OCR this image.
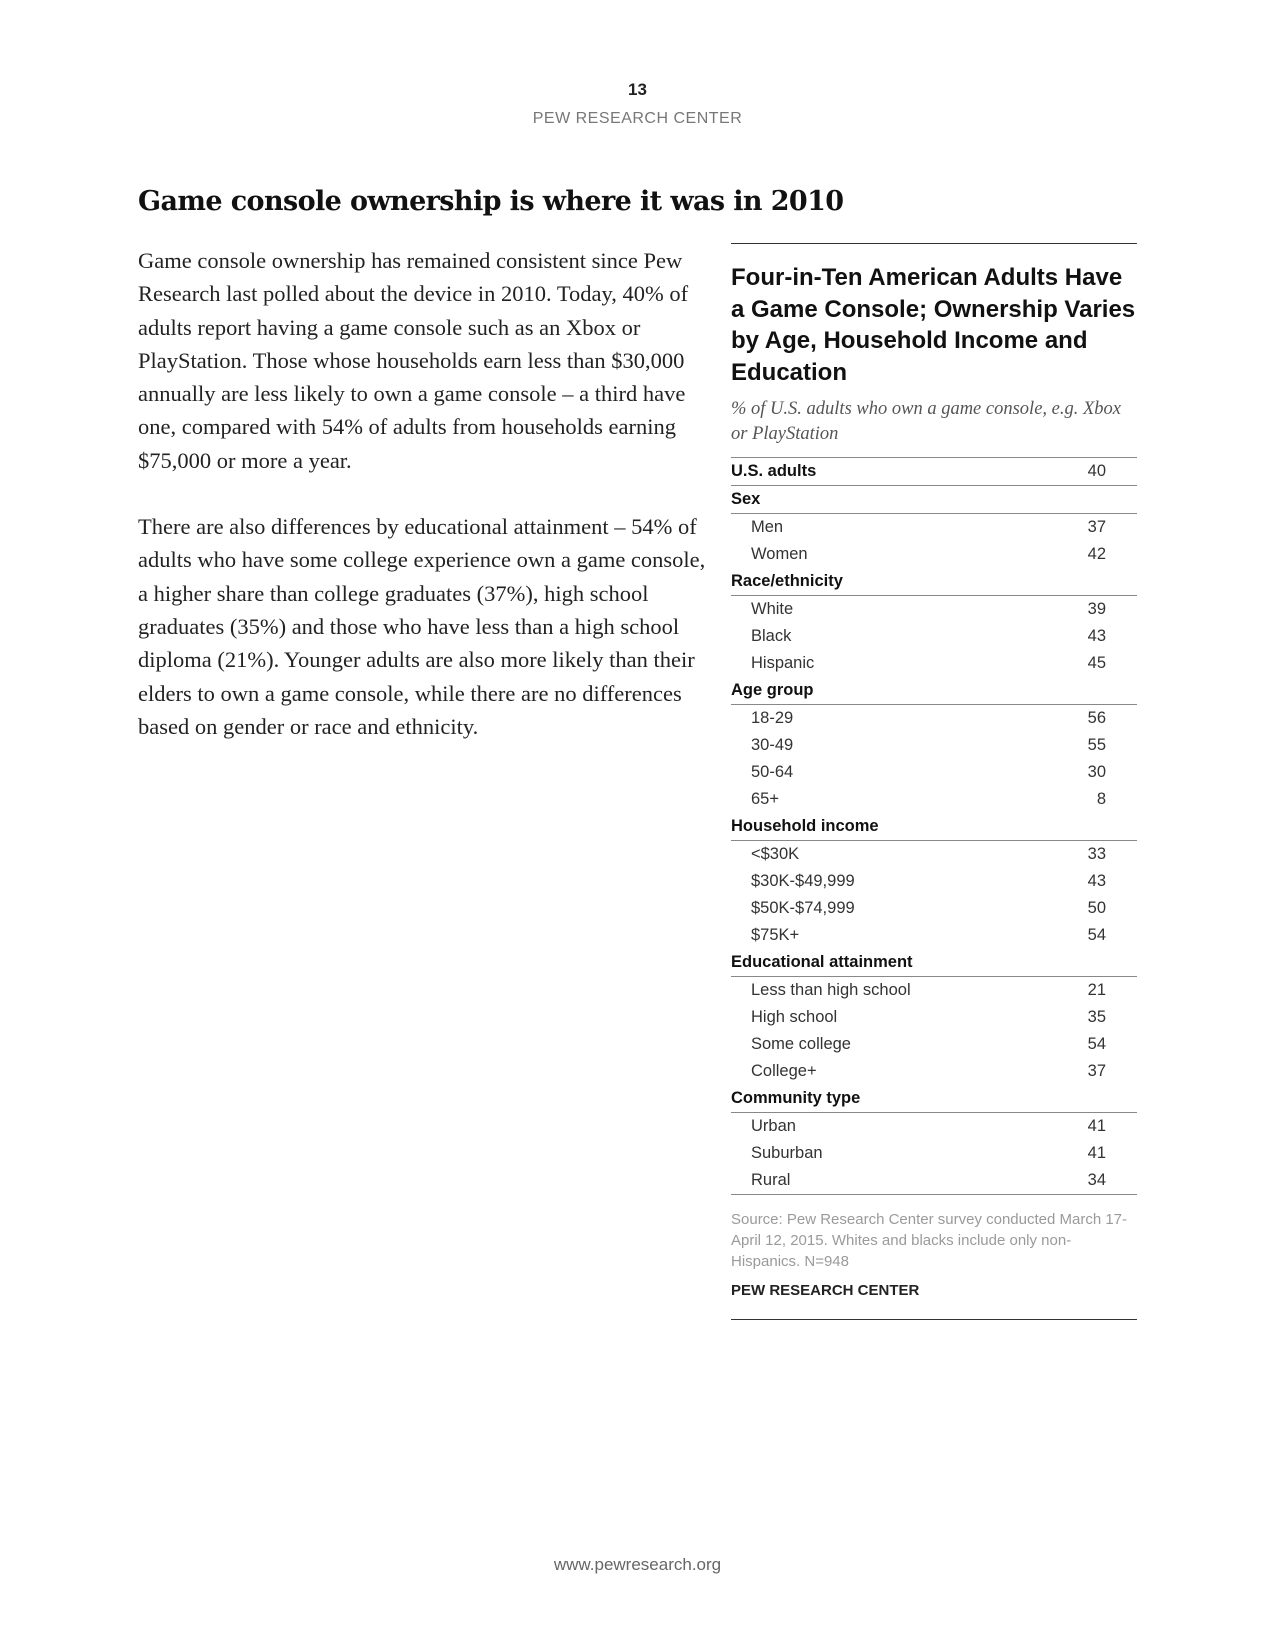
13
PEW RESEARCH CENTER
Game console ownership is where it was in 2010

Game console ownership has remained consistent since Pew Research last polled about the device in 2010. Today, 40% of adults report having a game console such as an Xbox or PlayStation. Those whose households earn less than $30,000 annually are less likely to own a game console – a third have one, compared with 54% of adults from households earning $75,000 or more a year.

There are also differences by educational attainment – 54% of adults who have some college experience own a game console, a higher share than college graduates (37%), high school graduates (35%) and those who have less than a high school diploma (21%). Younger adults are also more likely than their elders to own a game console, while there are no differences based on gender or race and ethnicity.

Four-in-Ten American Adults Have a Game Console; Ownership Varies by Age, Household Income and Education
% of U.S. adults who own a game console, e.g. Xbox or PlayStation
U.S. adults	40
Sex	
Men	37
Women	42
Race/ethnicity	
White	39
Black	43
Hispanic	45
Age group	
18-29	56
30-49	55
50-64	30
65+	8
Household income	
<$30K	33
$30K-$49,999	43
$50K-$74,999	50
$75K+	54
Educational attainment	
Less than high school	21
High school	35
Some college	54
College+	37
Community type	
Urban	41
Suburban	41
Rural	34
Source: Pew Research Center survey conducted March 17-April 12, 2015. Whites and blacks include only non-Hispanics. N=948
PEW RESEARCH CENTER
www.pewresearch.org
